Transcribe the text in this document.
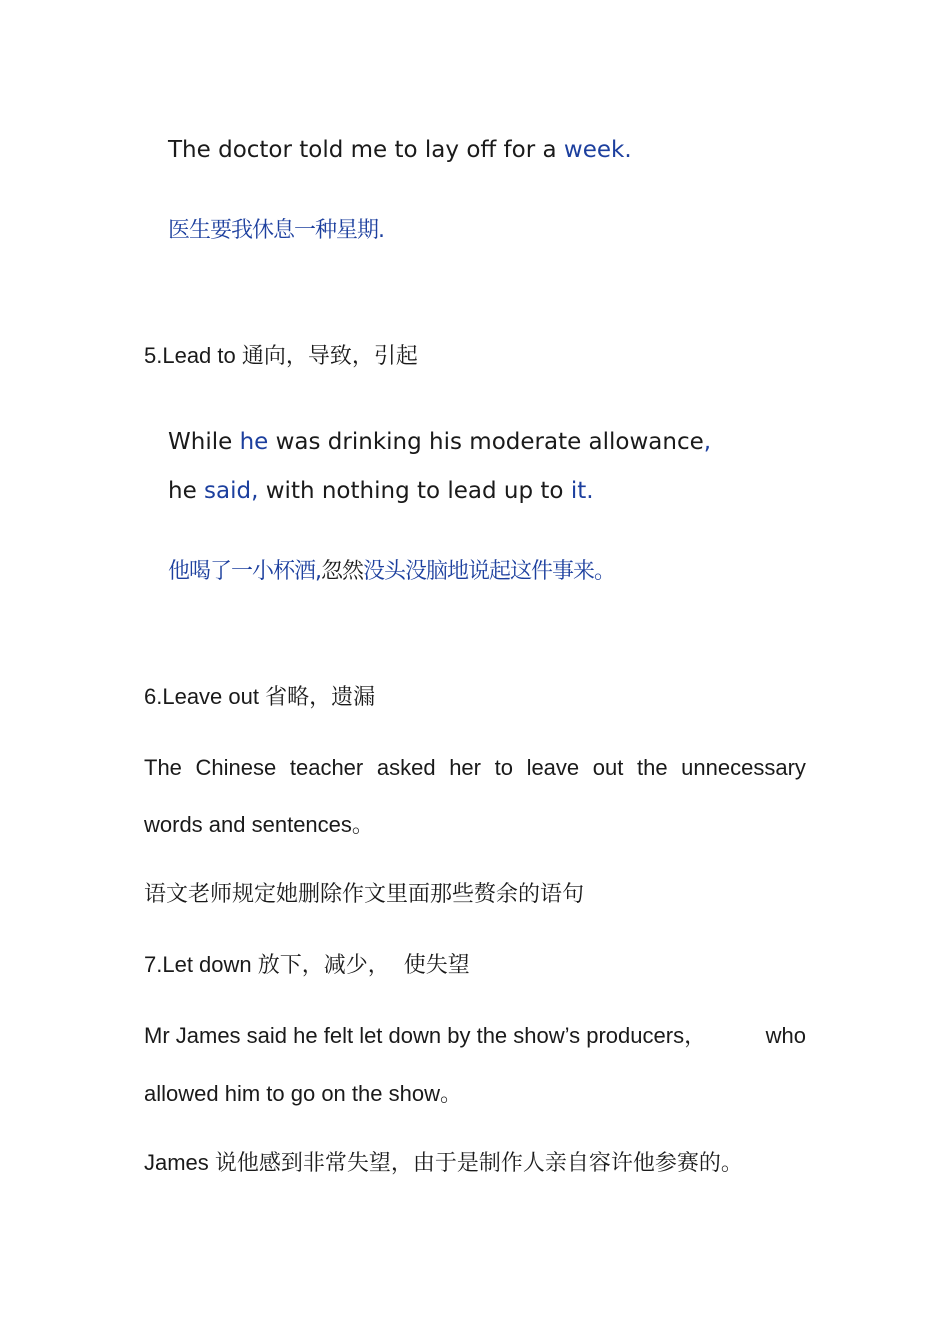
The doctor told me to lay off for a week.
医生要我休息一种星期.
5.Lead to 通向，导致，引起
While he was drinking his moderate allowance,
he said, with nothing to lead up to it.
他喝了一小杯酒,忽然没头没脑地说起这件事来。
6.Leave out 省略，遗漏
The Chinese teacher asked her to leave out the unnecessary
words and sentences。
语文老师规定她删除作文里面那些赘余的语句
7.Let down 放下，减少，  使失望
Mr James said he felt let down by the show’s producers，	who
allowed him to go on the show。
James 说他感到非常失望，由于是制作人亲自容许他参赛的。
